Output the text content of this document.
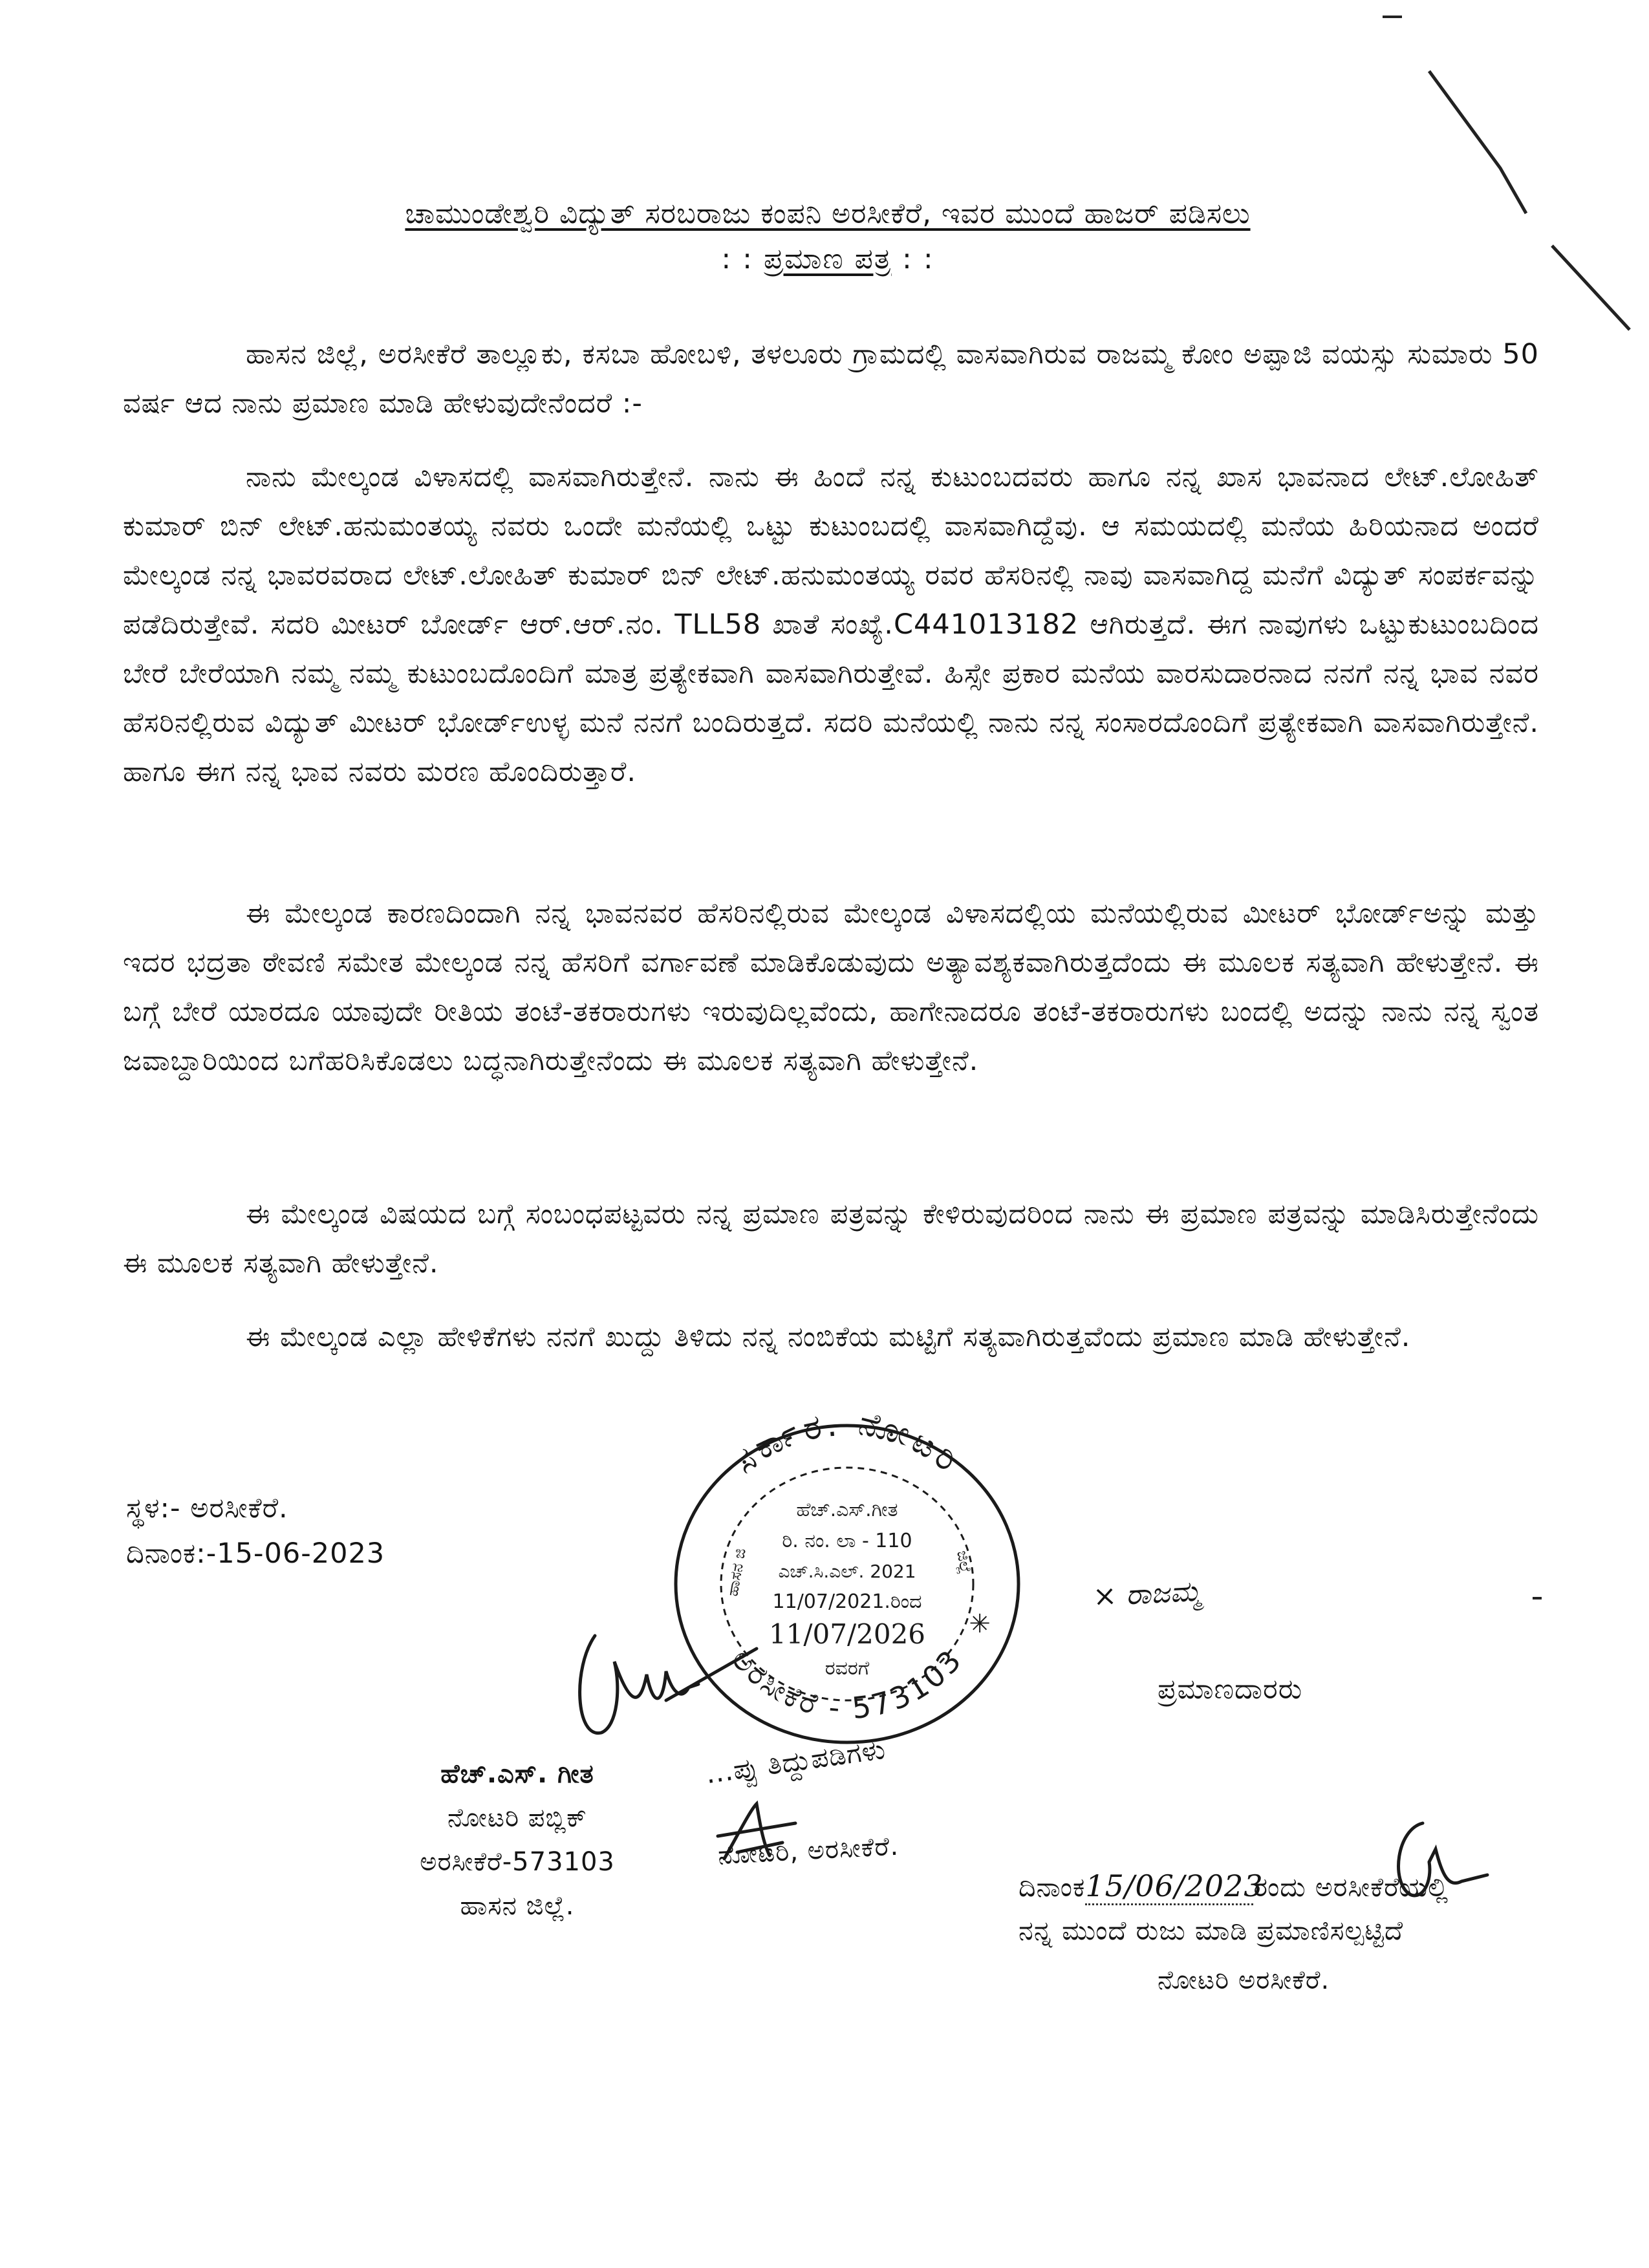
ಚಾಮುಂಡೇಶ್ವರಿ ವಿದ್ಯುತ್ ಸರಬರಾಜು ಕಂಪನಿ ಅರಸೀಕೆರೆ, ಇವರ ಮುಂದೆ ಹಾಜರ್ ಪಡಿಸಲು
: : ಪ್ರಮಾಣ ಪತ್ರ : :
ಹಾಸನ ಜಿಲ್ಲೆ, ಅರಸೀಕೆರೆ ತಾಲ್ಲೂಕು, ಕಸಬಾ ಹೋಬಳಿ, ತಳಲೂರು ಗ್ರಾಮದಲ್ಲಿ ವಾಸವಾಗಿರುವ ರಾಜಮ್ಮ ಕೋಂ ಅಪ್ಪಾಜಿ ವಯಸ್ಸು ಸುಮಾರು 50 ವರ್ಷ ಆದ ನಾನು ಪ್ರಮಾಣ ಮಾಡಿ ಹೇಳುವುದೇನೆಂದರೆ :-
ನಾನು ಮೇಲ್ಕಂಡ ವಿಳಾಸದಲ್ಲಿ ವಾಸವಾಗಿರುತ್ತೇನೆ. ನಾನು ಈ ಹಿಂದೆ ನನ್ನ ಕುಟುಂಬದವರು ಹಾಗೂ ನನ್ನ ಖಾಸ ಭಾವನಾದ ಲೇಟ್.ಲೋಹಿತ್ ಕುಮಾರ್ ಬಿನ್ ಲೇಟ್.ಹನುಮಂತಯ್ಯ ನವರು ಒಂದೇ ಮನೆಯಲ್ಲಿ ಒಟ್ಟು ಕುಟುಂಬದಲ್ಲಿ ವಾಸವಾಗಿದ್ದೆವು. ಆ ಸಮಯದಲ್ಲಿ ಮನೆಯ ಹಿರಿಯನಾದ ಅಂದರೆ ಮೇಲ್ಕಂಡ ನನ್ನ ಭಾವರವರಾದ ಲೇಟ್.ಲೋಹಿತ್ ಕುಮಾರ್ ಬಿನ್ ಲೇಟ್.ಹನುಮಂತಯ್ಯ ರವರ ಹೆಸರಿನಲ್ಲಿ ನಾವು ವಾಸವಾಗಿದ್ದ ಮನೆಗೆ ವಿದ್ಯುತ್ ಸಂಪರ್ಕವನ್ನು ಪಡೆದಿರುತ್ತೇವೆ. ಸದರಿ ಮೀಟರ್ ಬೋರ್ಡ್ ಆರ್.ಆರ್.ನಂ. TLL58 ಖಾತೆ ಸಂಖ್ಯೆ.C441013182 ಆಗಿರುತ್ತದೆ. ಈಗ ನಾವುಗಳು ಒಟ್ಟುಕುಟುಂಬದಿಂದ ಬೇರೆ ಬೇರೆಯಾಗಿ ನಮ್ಮ ನಮ್ಮ ಕುಟುಂಬದೊಂದಿಗೆ ಮಾತ್ರ ಪ್ರತ್ಯೇಕವಾಗಿ ವಾಸವಾಗಿರುತ್ತೇವೆ. ಹಿಸ್ಸೇ ಪ್ರಕಾರ ಮನೆಯ ವಾರಸುದಾರನಾದ ನನಗೆ ನನ್ನ ಭಾವ ನವರ ಹೆಸರಿನಲ್ಲಿರುವ ವಿದ್ಯುತ್ ಮೀಟರ್ ಭೋರ್ಡ್‌ಉಳ್ಳ ಮನೆ ನನಗೆ ಬಂದಿರುತ್ತದೆ. ಸದರಿ ಮನೆಯಲ್ಲಿ ನಾನು ನನ್ನ ಸಂಸಾರದೊಂದಿಗೆ ಪ್ರತ್ಯೇಕವಾಗಿ ವಾಸವಾಗಿರುತ್ತೇನೆ. ಹಾಗೂ ಈಗ ನನ್ನ ಭಾವ ನವರು ಮರಣ ಹೊಂದಿರುತ್ತಾರೆ.
ಈ ಮೇಲ್ಕಂಡ ಕಾರಣದಿಂದಾಗಿ ನನ್ನ ಭಾವನವರ ಹೆಸರಿನಲ್ಲಿರುವ ಮೇಲ್ಕಂಡ ವಿಳಾಸದಲ್ಲಿಯ ಮನೆಯಲ್ಲಿರುವ ಮೀಟರ್ ಭೋರ್ಡ್‌ಅನ್ನು ಮತ್ತು ಇದರ ಭದ್ರತಾ ಠೇವಣಿ ಸಮೇತ ಮೇಲ್ಕಂಡ ನನ್ನ ಹೆಸರಿಗೆ ವರ್ಗಾವಣೆ ಮಾಡಿಕೊಡುವುದು ಅತ್ಯಾವಶ್ಯಕವಾಗಿರುತ್ತದೆಂದು ಈ ಮೂಲಕ ಸತ್ಯವಾಗಿ ಹೇಳುತ್ತೇನೆ. ಈ ಬಗ್ಗೆ ಬೇರೆ ಯಾರದೂ ಯಾವುದೇ ರೀತಿಯ ತಂಟೆ-ತಕರಾರುಗಳು ಇರುವುದಿಲ್ಲವೆಂದು, ಹಾಗೇನಾದರೂ ತಂಟೆ-ತಕರಾರುಗಳು ಬಂದಲ್ಲಿ ಅದನ್ನು ನಾನು ನನ್ನ ಸ್ವಂತ ಜವಾಬ್ದಾರಿಯಿಂದ ಬಗೆಹರಿಸಿಕೊಡಲು ಬದ್ಧನಾಗಿರುತ್ತೇನೆಂದು ಈ ಮೂಲಕ ಸತ್ಯವಾಗಿ ಹೇಳುತ್ತೇನೆ.
ಈ ಮೇಲ್ಕಂಡ ವಿಷಯದ ಬಗ್ಗೆ ಸಂಬಂಧಪಟ್ಟವರು ನನ್ನ ಪ್ರಮಾಣ ಪತ್ರವನ್ನು ಕೇಳಿರುವುದರಿಂದ ನಾನು ಈ ಪ್ರಮಾಣ ಪತ್ರವನ್ನು ಮಾಡಿಸಿರುತ್ತೇನೆಂದು ಈ ಮೂಲಕ ಸತ್ಯವಾಗಿ ಹೇಳುತ್ತೇನೆ.
ಈ ಮೇಲ್ಕಂಡ ಎಲ್ಲಾ ಹೇಳಿಕೆಗಳು ನನಗೆ ಖುದ್ದು ತಿಳಿದು ನನ್ನ ನಂಬಿಕೆಯ ಮಟ್ಟಿಗೆ ಸತ್ಯವಾಗಿರುತ್ತವೆಂದು ಪ್ರಮಾಣ ಮಾಡಿ ಹೇಳುತ್ತೇನೆ.
ಸ್ಥಳ:- ಅರಸೀಕೆರೆ.
ದಿನಾಂಕ:-15-06-2023
ಸರ್ಕಾರ. ನೋಟರಿ
ಅರಸೀಕೆರೆ - 573103
ಹಾಸನ ಜಿ	ಜಿಲ್ಲೆ
ಹೆಚ್.ಎಸ್.ಗೀತ
ರಿ. ನಂ. ಲಾ - 110
ಎಚ್.ಸಿ.ಎಲ್. 2021
11/07/2021.ರಿಂದ
11/07/2026
ರವರಗೆ
✳
× ರಾಜಮ್ಮ
ಪ್ರಮಾಣದಾರರು
ಹೆಚ್.ಎಸ್. ಗೀತ
ನೋಟರಿ ಪಬ್ಲಿಕ್
ಅರಸೀಕೆರೆ-573103
ಹಾಸನ ಜಿಲ್ಲೆ.
...ಪ್ಪು ತಿದ್ದುಪಡಿಗಳು
ನೋಟರಿ, ಅರಸೀಕೆರೆ.
ದಿನಾಂಕ15/06/2023ರಂದು ಅರಸೀಕೆರೆಯಲ್ಲಿ
ನನ್ನ ಮುಂದೆ ರುಜು ಮಾಡಿ ಪ್ರಮಾಣಿಸಲ್ಪಟ್ಟಿದೆ
ನೋಟರಿ ಅರಸೀಕೆರೆ.
